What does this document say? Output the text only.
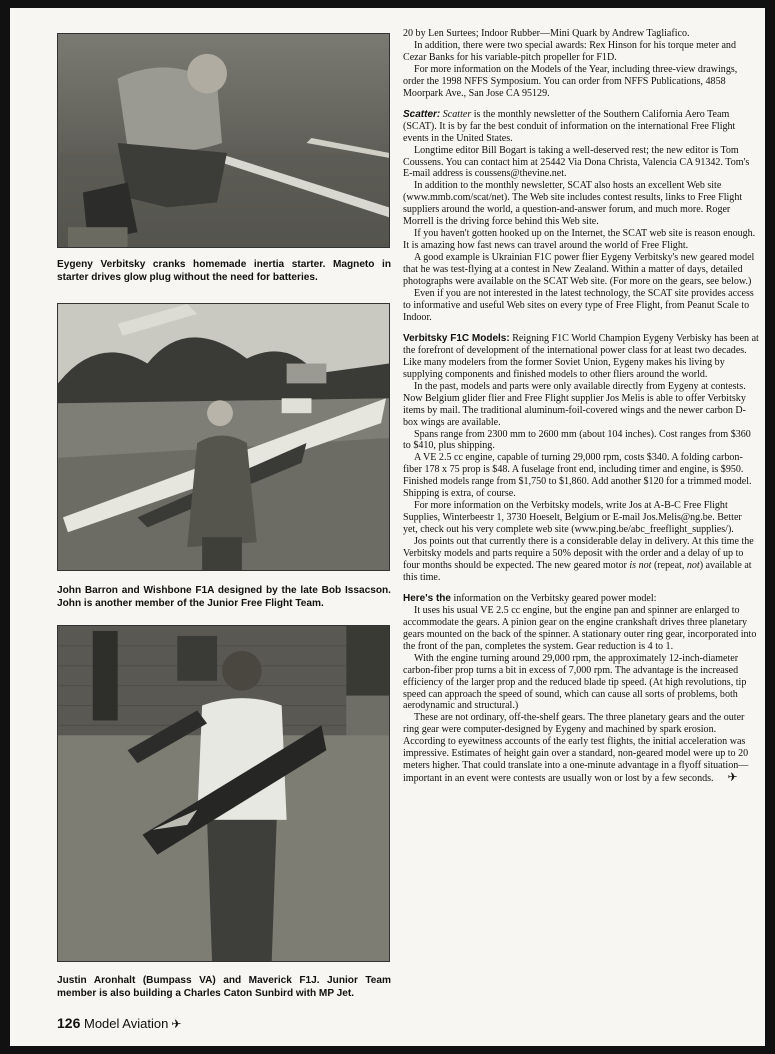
Eygeny Verbitsky cranks homemade inertia starter. Magneto in starter drives glow plug without the need for batteries.
John Barron and Wishbone F1A designed by the late Bob Issacson. John is another member of the Junior Free Flight Team.
Justin Aronhalt (Bumpass VA) and Maverick F1J. Junior Team member is also building a Charles Caton Sunbird with MP Jet.

20 by Len Surtees; Indoor Rubber—Mini Quark by Andrew Tagliafico.

In addition, there were two special awards: Rex Hinson for his torque meter and Cezar Banks for his variable-pitch propeller for F1D.

For more information on the Models of the Year, including three-view drawings, order the 1998 NFFS Symposium. You can order from NFFS Publications, 4858 Moorpark Ave., San Jose CA 95129.

Scatter: Scatter is the monthly newsletter of the Southern California Aero Team (SCAT). It is by far the best conduit of information on the international Free Flight events in the United States.

Longtime editor Bill Bogart is taking a well-deserved rest; the new editor is Tom Coussens. You can contact him at 25442 Via Dona Christa, Valencia CA 91342. Tom's E-mail address is coussens@thevine.net.

In addition to the monthly newsletter, SCAT also hosts an excellent Web site (www.mmb.com/scat/net). The Web site includes contest results, links to Free Flight suppliers around the world, a question-and-answer forum, and much more. Roger Morrell is the driving force behind this Web site.

If you haven't gotten hooked up on the Internet, the SCAT web site is reason enough. It is amazing how fast news can travel around the world of Free Flight.

A good example is Ukrainian F1C power flier Eygeny Verbitsky's new geared model that he was test-flying at a contest in New Zealand. Within a matter of days, detailed photographs were available on the SCAT Web site. (For more on the gears, see below.)

Even if you are not interested in the latest technology, the SCAT site provides access to informative and useful Web sites on every type of Free Flight, from Peanut Scale to Indoor.

Verbitsky F1C Models: Reigning F1C World Champion Eygeny Verbisky has been at the forefront of development of the international power class for at least two decades. Like many modelers from the former Soviet Union, Eygeny makes his living by supplying components and finished models to other fliers around the world.

In the past, models and parts were only available directly from Eygeny at contests. Now Belgium glider flier and Free Flight supplier Jos Melis is able to offer Verbitsky items by mail. The traditional aluminum-foil-covered wings and the newer carbon D-box wings are available.

Spans range from 2300 mm to 2600 mm (about 104 inches). Cost ranges from $360 to $410, plus shipping.

A VE 2.5 cc engine, capable of turning 29,000 rpm, costs $340. A folding carbon-fiber 178 x 75 prop is $48. A fuselage front end, including timer and engine, is $950. Finished models range from $1,750 to $1,860. Add another $120 for a trimmed model. Shipping is extra, of course.

For more information on the Verbitsky models, write Jos at A-B-C Free Flight Supplies, Winterbeestr 1, 3730 Hoeselt, Belgium or E-mail Jos.Melis@ng.be. Better yet, check out his very complete web site (www.ping.be/abc_freeflight_supplies/).

Jos points out that currently there is a considerable delay in delivery. At this time the Verbitsky models and parts require a 50% deposit with the order and a delay of up to four months should be expected. The new geared motor is not (repeat, not) available at this time.

Here's the information on the Verbitsky geared power model:

It uses his usual VE 2.5 cc engine, but the engine pan and spinner are enlarged to accommodate the gears. A pinion gear on the engine crankshaft drives three planetary gears mounted on the back of the spinner. A stationary outer ring gear, incorporated into the front of the pan, completes the system. Gear reduction is 4 to 1.

With the engine turning around 29,000 rpm, the approximately 12-inch-diameter carbon-fiber prop turns a bit in excess of 7,000 rpm. The advantage is the increased efficiency of the larger prop and the reduced blade tip speed. (At high revolutions, tip speed can approach the speed of sound, which can cause all sorts of problems, both aerodynamic and structural.)

These are not ordinary, off-the-shelf gears. The three planetary gears and the outer ring gear were computer-designed by Eygeny and machined by spark erosion. According to eyewitness accounts of the early test flights, the initial acceleration was impressive. Estimates of height gain over a standard, non-geared model were up to 20 meters higher. That could translate into a one-minute advantage in a flyoff situation—important in an event were contests are usually won or lost by a few seconds. ✈

126 Model Aviation ✈
